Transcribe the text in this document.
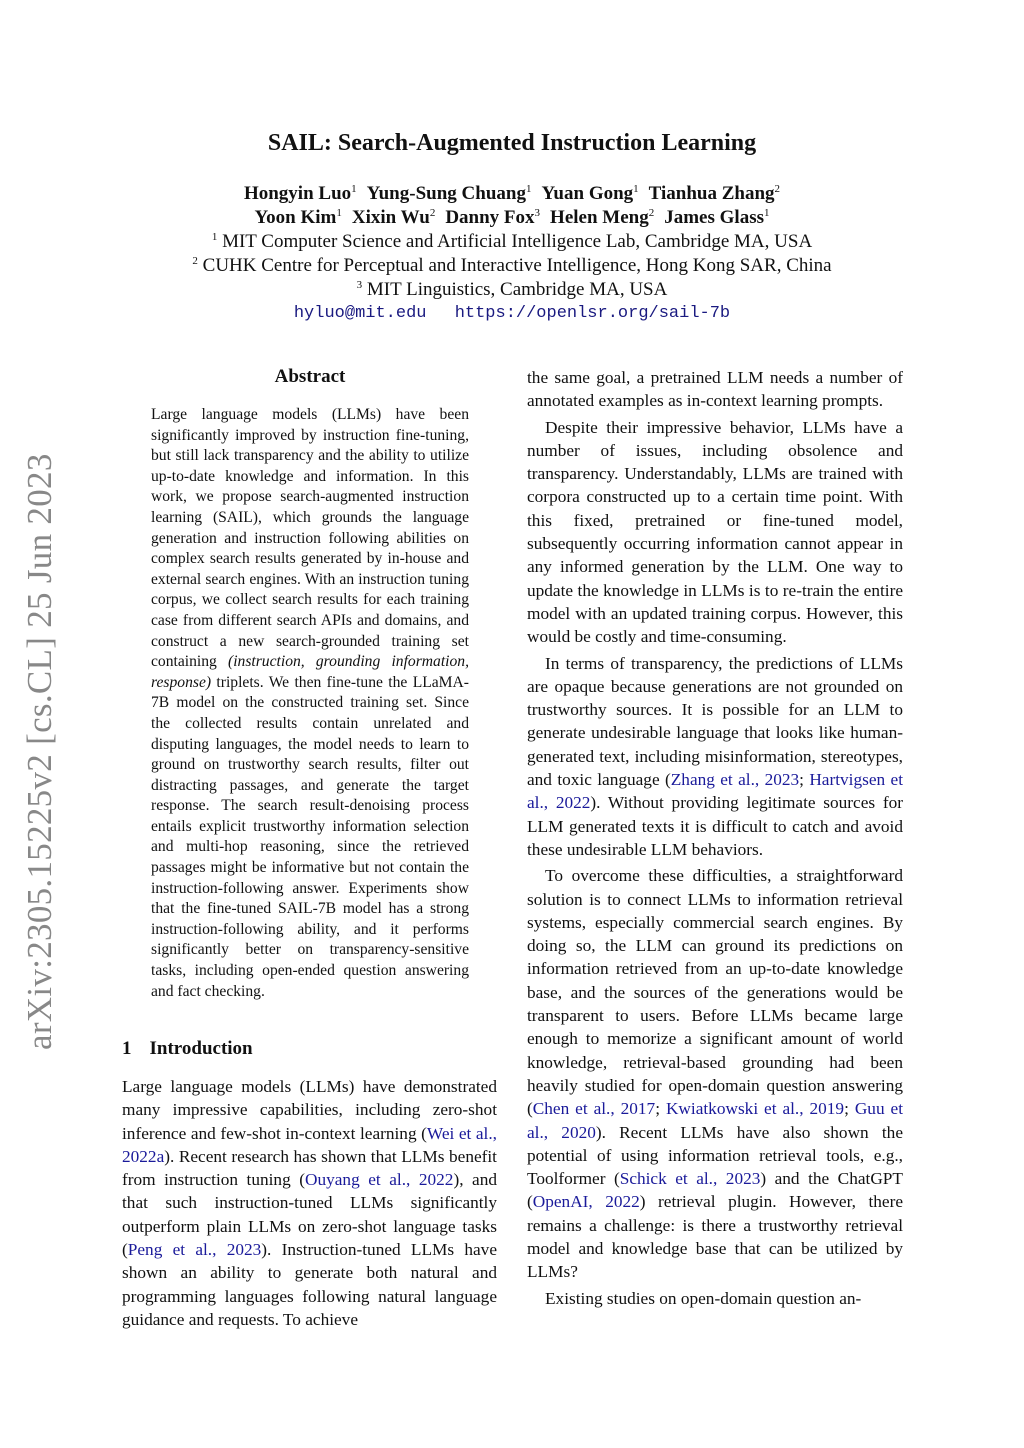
SAIL: Search-Augmented Instruction Learning
Hongyin Luo$^1$ Yung-Sung Chuang$^1$ Yuan Gong$^1$ Tianhua Zhang$^2$
Yoon Kim$^1$ Xixin Wu$^2$ Danny Fox$^3$ Helen Meng$^2$ James Glass$^1$
$^1$ MIT Computer Science and Artificial Intelligence Lab, Cambridge MA, USA
$^2$ CUHK Centre for Perceptual and Interactive Intelligence, Hong Kong SAR, China
$^3$ MIT Linguistics, Cambridge MA, USA
hyluo@mit.edu https://openlsr.org/sail-7b
arXiv:2305.15225v2 [cs.CL] 25 Jun 2023
Abstract
Large language models (LLMs) have been significantly improved by instruction fine-tuning, but still lack transparency and the ability to utilize up-to-date knowledge and information. In this work, we propose search-augmented instruction learning (SAIL), which grounds the language generation and instruction following abilities on complex search results generated by in-house and external search engines. With an instruction tuning corpus, we collect search results for each training case from different search APIs and domains, and construct a new search-grounded training set containing (instruction, grounding information, response) triplets. We then fine-tune the LLaMA-7B model on the constructed training set. Since the collected results contain unrelated and disputing languages, the model needs to learn to ground on trustworthy search results, filter out distracting passages, and generate the target response. The search result-denoising process entails explicit trustworthy information selection and multi-hop reasoning, since the retrieved passages might be informative but not contain the instruction-following answer. Experiments show that the fine-tuned SAIL-7B model has a strong instruction-following ability, and it performs significantly better on transparency-sensitive tasks, including open-ended question answering and fact checking.
1 Introduction

Large language models (LLMs) have demonstrated many impressive capabilities, including zero-shot inference and few-shot in-context learning (Wei et al., 2022a). Recent research has shown that LLMs benefit from instruction tuning (Ouyang et al., 2022), and that such instruction-tuned LLMs significantly outperform plain LLMs on zero-shot language tasks (Peng et al., 2023). Instruction-tuned LLMs have shown an ability to generate both natural and programming languages following natural language guidance and requests. To achieve

the same goal, a pretrained LLM needs a number of annotated examples as in-context learning prompts.

Despite their impressive behavior, LLMs have a number of issues, including obsolence and transparency. Understandably, LLMs are trained with corpora constructed up to a certain time point. With this fixed, pretrained or fine-tuned model, subsequently occurring information cannot appear in any informed generation by the LLM. One way to update the knowledge in LLMs is to re-train the entire model with an updated training corpus. However, this would be costly and time-consuming.

In terms of transparency, the predictions of LLMs are opaque because generations are not grounded on trustworthy sources. It is possible for an LLM to generate undesirable language that looks like human-generated text, including misinformation, stereotypes, and toxic language (Zhang et al., 2023; Hartvigsen et al., 2022). Without providing legitimate sources for LLM generated texts it is difficult to catch and avoid these undesirable LLM behaviors.

To overcome these difficulties, a straightforward solution is to connect LLMs to information retrieval systems, especially commercial search engines. By doing so, the LLM can ground its predictions on information retrieved from an up-to-date knowledge base, and the sources of the generations would be transparent to users. Before LLMs became large enough to memorize a significant amount of world knowledge, retrieval-based grounding had been heavily studied for open-domain question answering (Chen et al., 2017; Kwiatkowski et al., 2019; Guu et al., 2020). Recent LLMs have also shown the potential of using information retrieval tools, e.g., Toolformer (Schick et al., 2023) and the ChatGPT (OpenAI, 2022) retrieval plugin. However, there remains a challenge: is there a trustworthy retrieval model and knowledge base that can be utilized by LLMs?

Existing studies on open-domain question an-
